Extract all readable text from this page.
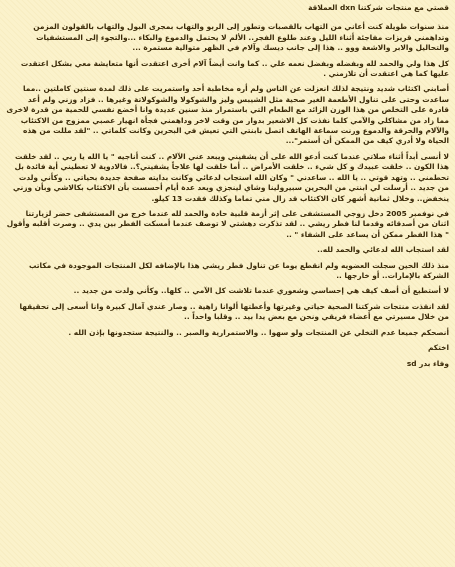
قصتي مع منتجات شركتنا dxn العملاقة

منذ سنوات طويلة كنت أعاني من التهاب بالقصبات وتطور إلى الربو والتهاب بمجرى البول والتهاب بالقولون المزمن وتداهمني قريزات مفاجئة أثناء الليل وعند طلوع الفجر.. الألم لا يحتمل والدموع والبكاء ...والتجوء إلى المستشفيات والتحاليل والابر والاشعة ووو .. هذا إلى جانب ديسك وآلام في الظهر متوالية مستمرة ...

كل هذا ولي والحمد لله وبفضله وبفضل نعمه علي .. كما وانت أيضاً آلام أخرى اعتقدت أنها متعايشة معي بشكل اعتقدت عليها كما هي اعتقدت أن تلازمني .

أصابني اكتئاب شديد ونتيجة لذلك انعزلت عن الناس ولم أره مخاطبة أحد واستمريت على ذلك لمدة سنتين كاملتين ..مما ساعدت وحتى على تناول الأطعمة الغير صحية مثل الشيبس وليز والشوكولا والشوكولاتة وغيرها .. فزاد وزني ولم أعد قادرة على التخلص من هذا الوزن الزائد مع الطعام التي باستمرار منذ سنين عديدة وانا أخضع نفسي للحمية من قدرة لاخرى مما زاد من مشاكلي والآمي كلما نفذت كل الاشعير بدوار من وقت لاخر وداهمني فجأة انهيار عصبي ممزوج من الاكتئاب والآلام والحرقة والدموع ورنت سماعة الهاتف اتصل بابنتي التي تعيش في البحرين وكانت كلماتي .. "لقد مللت من هذه الحياة ولا أدري كيف من الممكن أن أستمر"...

لا أنسى أبداً أثناء صلاتي عندما كنت أدعو الله على أن يشفيني ويبعد عني الآلام .. كنت أناجيه " يا الله يا ربي .. لقد خلقت هذا الكون .. خلقت عبيدك و كل شيء .. خلقت الأمراض .. أما خلقت لها علاجاً يشفيني؟.. فالادوية لا تعطيني أية فائدة بل تحطمني .. وتهد قوتي .. يا الله .. ساعدني " وكان الله استجاب لدعائي وكانت بدايته صفحة جديدة بحياتي .. وكأني ولدت من جديد .. أرسلت لي ابنتي من البحرين سبيرولينا وشاي لينجزي ويعد عدة أيام أحسست بأن الاكتئاب بكالاشي وبأن وزني ينخفض.. وخلال ثمانية أشهر كان الاكتئاب قد زال مني تماما وكذلك فقدت 13 كيلو.

في نوفمبر 2005 دخل زوجي المستشفى على إثر أزمة قلبية حادة والحمد لله عندما خرج من المستشفى حضر لزيارتنا اثنان من أصدقائه وقدما لنا فطر ريشي .. لقد تذكرت دهشتي لا توصف عندما أمسكت الفطر بين يدي .. وصرت أقلبه وأقول " هذا الفطر ممكن أن يساعد على الشفاء " ..

لقد استجاب الله لدعائي والحمد لله..

منذ ذلك الحين سجلت العضويه ولم انقطع يوما عن تناول فطر ريشي هذا بالإضافه لكل المنتجات الموجودة في مكاتب الشركة بالإمارات.. أو خارجها ..

لا أستطيع أن أصف كيف هي إحساسي وشعوري عندما تلاشت كل الآمي .. كلها.. وكأني ولدت من جديد ..

لقد انقذت منتجات شركتنا الصحية حياتي وغيرتها وأعطتها ألوانا زاهية .. وصار عندي آمال كبيرة وانا أسعى إلى تحقيقها من خلال مسيرتي مع أعضاء فريقي ونحن مع بعض يدا بيد .. وقلبا واحداً ..

أنصحكم جميعا عدم التخلي عن المنتجات ولو سهوا .. والاستمرارية والصبر .. والنتيجة ستجدونها بإذن الله .

اختكم

وفاء بدر sd
